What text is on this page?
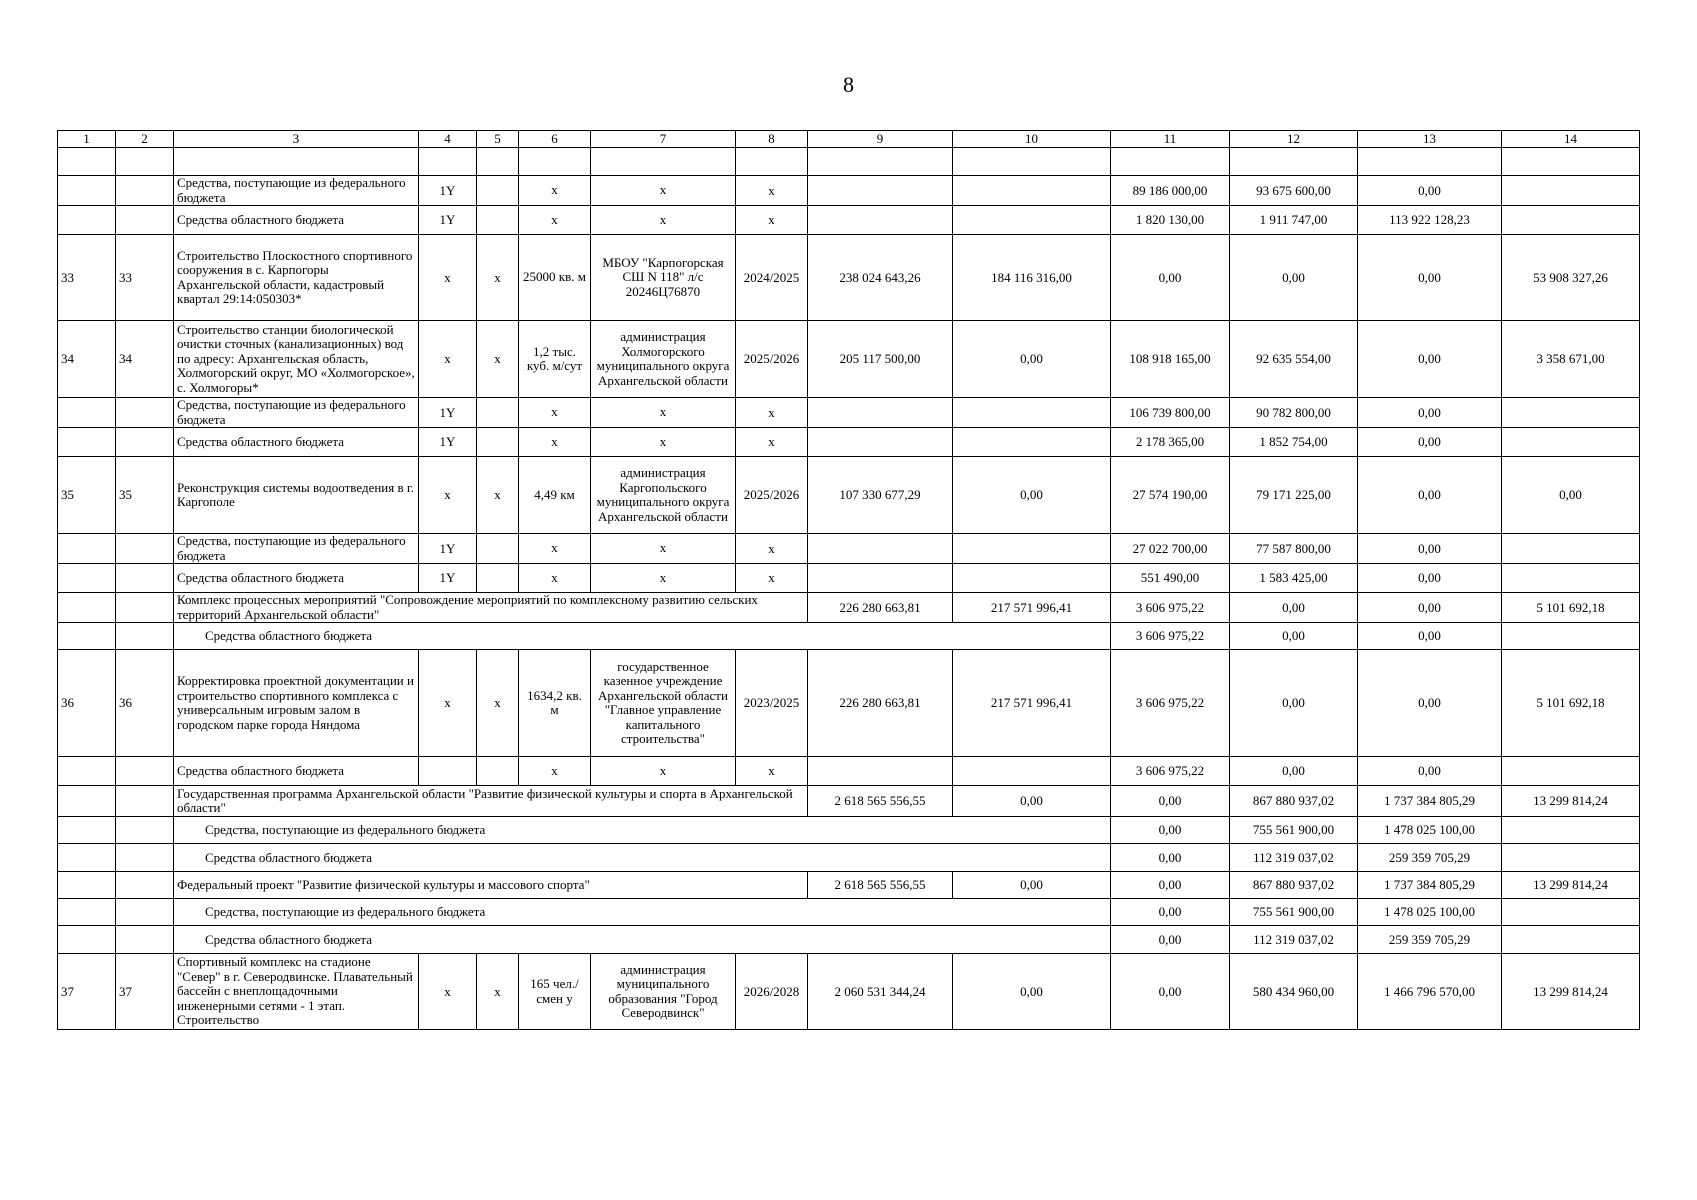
8
1	2	3	4	5	6	7	8	9	10	11	12	13	14

		Средства, поступающие из федерального бюджета	1Y		х	х	х			89 186 000,00	93 675 600,00	0,00	
		Средства областного бюджета	1Y		х	х	х			1 820 130,00	1 911 747,00	113 922 128,23	
33	33	Строительство Плоскостного спортивного сооружения в с. Карпогоры Архангельской области, кадастровый квартал 29:14:050303*	х	х	25000 кв. м	МБОУ "Карпогорская СШ N 118" л/с 20246Ц76870	2024/2025	238 024 643,26	184 116 316,00	0,00	0,00	0,00	53 908 327,26
34	34	Строительство станции биологической очистки сточных (канализационных) вод по адресу: Архангельская область, Холмогорский округ, МО «Холмогорское», с. Холмогоры*	х	х	1,2 тыс. куб. м/сут	администрация Холмогорского муниципального округа Архангельской области	2025/2026	205 117 500,00	0,00	108 918 165,00	92 635 554,00	0,00	3 358 671,00
		Средства, поступающие из федерального бюджета	1Y		х	х	х			106 739 800,00	90 782 800,00	0,00	
		Средства областного бюджета	1Y		х	х	х			2 178 365,00	1 852 754,00	0,00	
35	35	Реконструкция системы водоотведения в г. Каргополе	х	х	4,49 км	администрация Каргопольского муниципального округа Архангельской области	2025/2026	107 330 677,29	0,00	27 574 190,00	79 171 225,00	0,00	0,00
		Средства, поступающие из федерального бюджета	1Y		х	х	х			27 022 700,00	77 587 800,00	0,00	
		Средства областного бюджета	1Y		х	х	х			551 490,00	1 583 425,00	0,00	
		Комплекс процессных мероприятий "Сопровождение мероприятий по комплексному развитию сельских территорий Архангельской области"						226 280 663,81	217 571 996,41	3 606 975,22	0,00	0,00	5 101 692,18
		Средства областного бюджета								3 606 975,22	0,00	0,00	
36	36	Корректировка проектной документации и строительство спортивного комплекса с универсальным игровым залом в городском парке города Няндома	х	х	1634,2 кв. м	государственное казенное учреждение Архангельской области "Главное управление капитального строительства"	2023/2025	226 280 663,81	217 571 996,41	3 606 975,22	0,00	0,00	5 101 692,18
		Средства областного бюджета			х	х	х			3 606 975,22	0,00	0,00	
		Государственная программа Архангельской области "Развитие физической культуры и спорта в Архангельской области"						2 618 565 556,55	0,00	0,00	867 880 937,02	1 737 384 805,29	13 299 814,24
		Средства, поступающие из федерального бюджета								0,00	755 561 900,00	1 478 025 100,00	
		Средства областного бюджета								0,00	112 319 037,02	259 359 705,29	
		Федеральный проект "Развитие физической культуры и массового спорта"						2 618 565 556,55	0,00	0,00	867 880 937,02	1 737 384 805,29	13 299 814,24
		Средства, поступающие из федерального бюджета								0,00	755 561 900,00	1 478 025 100,00	
		Средства областного бюджета								0,00	112 319 037,02	259 359 705,29	
37	37	Спортивный комплекс на стадионе "Север" в г. Северодвинске. Плавательный бассейн с внеплощадочными инженерными сетями - 1 этап. Строительство	х	х	165 чел./смен у	администрация муниципального образования "Город Северодвинск"	2026/2028	2 060 531 344,24	0,00	0,00	580 434 960,00	1 466 796 570,00	13 299 814,24
